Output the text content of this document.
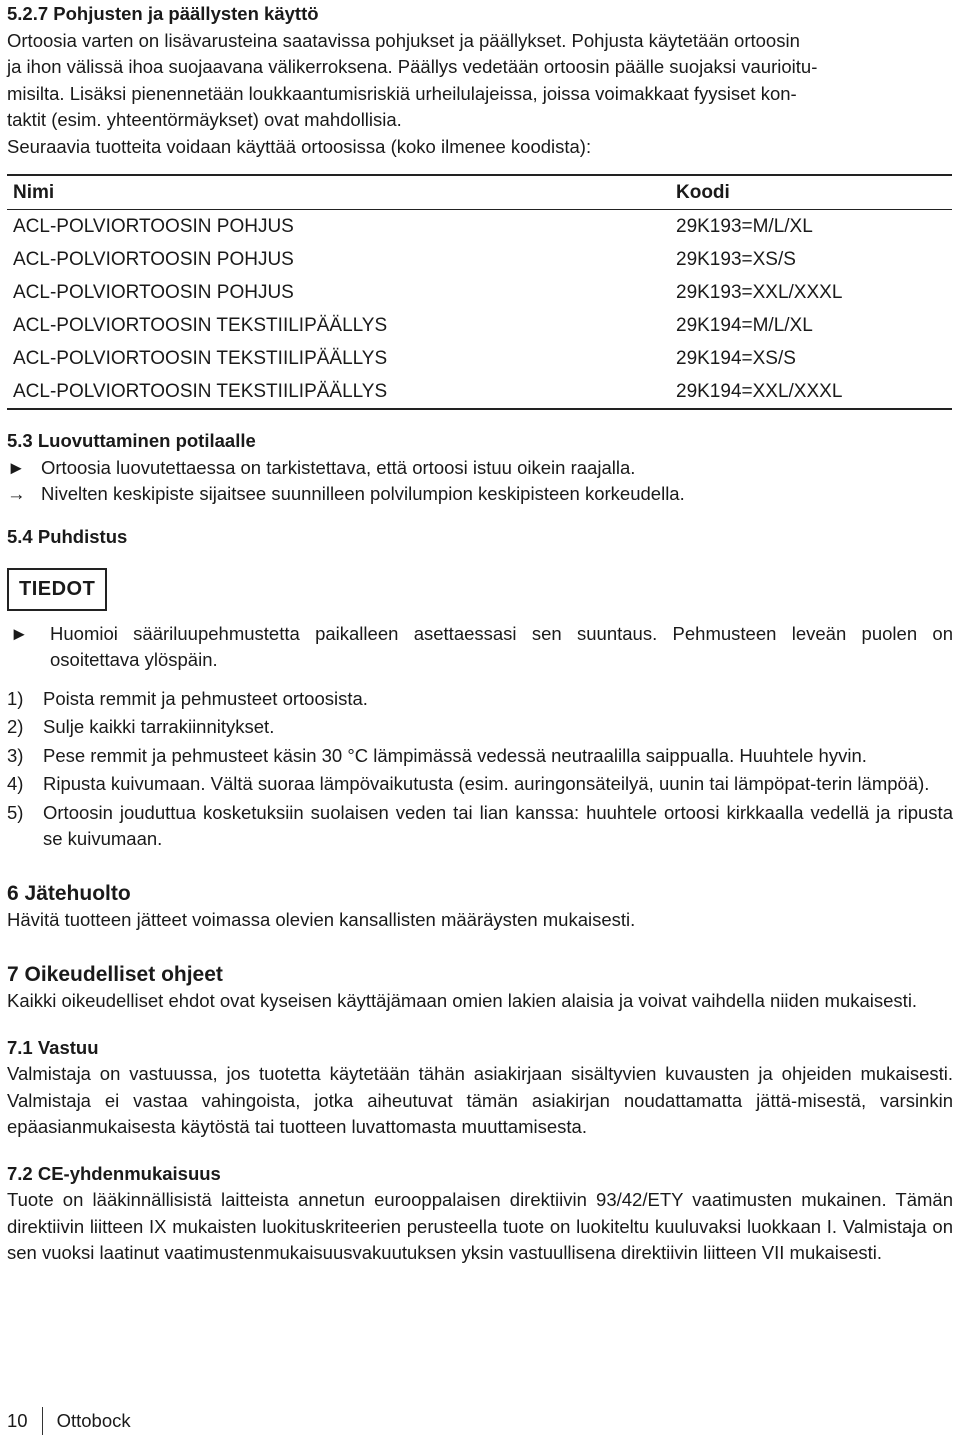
5.2.7 Pohjusten ja päällysten käyttö
Ortoosia varten on lisävarusteina saatavissa pohjukset ja päällykset. Pohjusta käytetään ortoosin
ja ihon välissä ihoa suojaavana välikerroksena. Päällys vedetään ortoosin päälle suojaksi vaurioitu-
misilta. Lisäksi pienennetään loukkaantumisriskiä urheilulajeissa, joissa voimakkaat fyysiset kon-
taktit (esim. yhteentörmäykset) ovat mahdollisia.
Seuraavia tuotteita voidaan käyttää ortoosissa (koko ilmenee koodista):
Nimi	Koodi
ACL-POLVIORTOOSIN POHJUS	29K193=M/L/XL
ACL-POLVIORTOOSIN POHJUS	29K193=XS/S
ACL-POLVIORTOOSIN POHJUS	29K193=XXL/XXXL
ACL-POLVIORTOOSIN TEKSTIILIPÄÄLLYS	29K194=M/L/XL
ACL-POLVIORTOOSIN TEKSTIILIPÄÄLLYS	29K194=XS/S
ACL-POLVIORTOOSIN TEKSTIILIPÄÄLLYS	29K194=XXL/XXXL
5.3 Luovuttaminen potilaalle
► Ortoosia luovutettaessa on tarkistettava, että ortoosi istuu oikein raajalla.
→ Nivelten keskipiste sijaitsee suunnilleen polvilumpion keskipisteen korkeudella.
5.4 Puhdistus
TIEDOT
►	Huomioi sääriluupehmustetta paikalleen asettaessasi sen suuntaus. Pehmusteen leveän puolen on osoitettava ylöspäin.
1)	Poista remmit ja pehmusteet ortoosista.
2)	Sulje kaikki tarrakiinnitykset.
3)	Pese remmit ja pehmusteet käsin 30 °C lämpimässä vedessä neutraalilla saippualla. Huuhtele hyvin.
4)	Ripusta kuivumaan. Vältä suoraa lämpövaikutusta (esim. auringonsäteilyä, uunin tai lämpöpat-terin lämpöä).
5)	Ortoosin jouduttua kosketuksiin suolaisen veden tai lian kanssa: huuhtele ortoosi kirkkaalla vedellä ja ripusta se kuivumaan.
6 Jätehuolto
Hävitä tuotteen jätteet voimassa olevien kansallisten määräysten mukaisesti.
7 Oikeudelliset ohjeet
Kaikki oikeudelliset ehdot ovat kyseisen käyttäjämaan omien lakien alaisia ja voivat vaihdella niiden mukaisesti.
7.1 Vastuu
Valmistaja on vastuussa, jos tuotetta käytetään tähän asiakirjaan sisältyvien kuvausten ja ohjeiden mukaisesti. Valmistaja ei vastaa vahingoista, jotka aiheutuvat tämän asiakirjan noudattamatta jättä-misestä, varsinkin epäasianmukaisesta käytöstä tai tuotteen luvattomasta muuttamisesta.
7.2 CE-yhdenmukaisuus
Tuote on lääkinnällisistä laitteista annetun eurooppalaisen direktiivin 93/42/ETY vaatimusten mukainen. Tämän direktiivin liitteen IX mukaisten luokituskriteerien perusteella tuote on luokiteltu kuuluvaksi luokkaan I. Valmistaja on sen vuoksi laatinut vaatimustenmukaisuusvakuutuksen yksin vastuullisena direktiivin liitteen VII mukaisesti.
10 Ottobock
